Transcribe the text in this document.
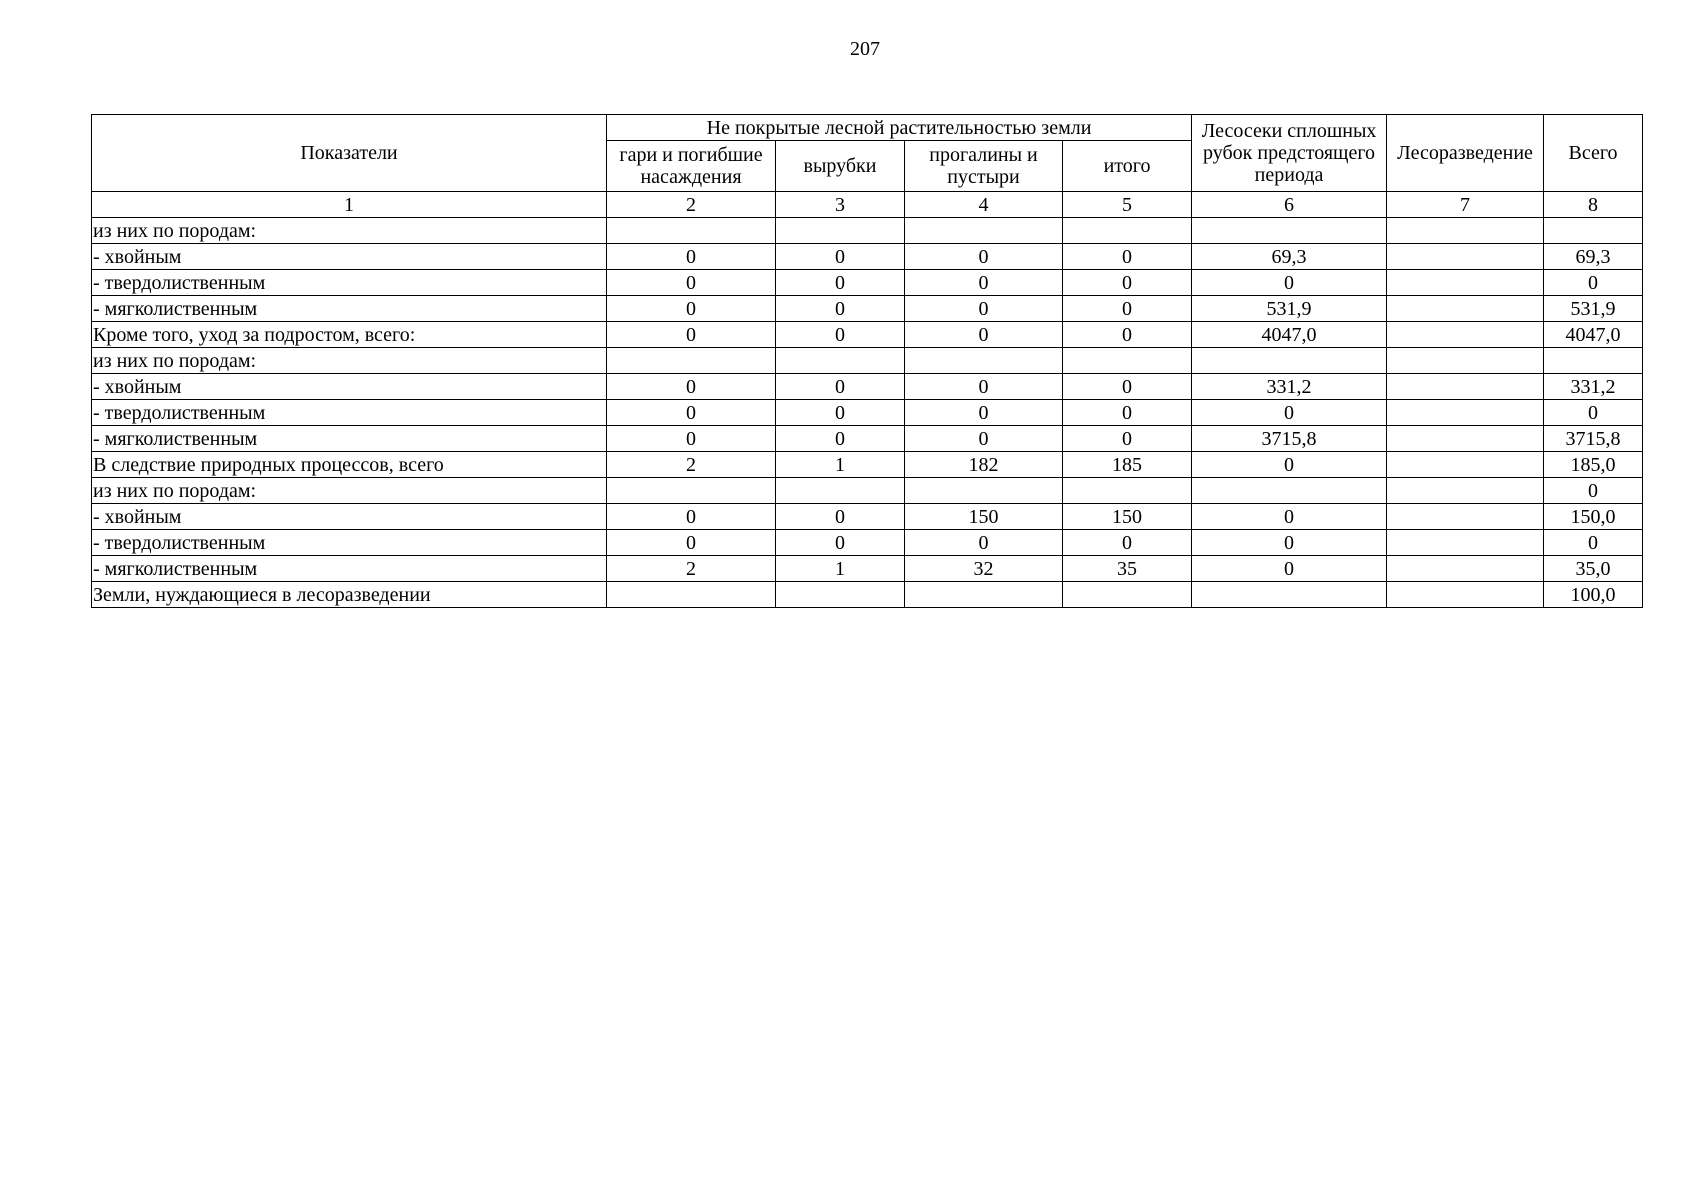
207
Показатели	Не покрытые лесной растительностью земли				Лесосеки сплошных рубок предстоящего периода	Лесоразведение	Всего
	гари и погибшие насаждения	вырубки	прогалины и пустыри	итого			
1	2	3	4	5	6	7	8
из них по породам:							
- хвойным	0	0	0	0	69,3		69,3
- твердолиственным	0	0	0	0	0		0
- мягколиственным	0	0	0	0	531,9		531,9
Кроме того, уход за подростом, всего:	0	0	0	0	4047,0		4047,0
из них по породам:							
- хвойным	0	0	0	0	331,2		331,2
- твердолиственным	0	0	0	0	0		0
- мягколиственным	0	0	0	0	3715,8		3715,8
В следствие природных процессов, всего	2	1	182	185	0		185,0
из них по породам:							0
- хвойным	0	0	150	150	0		150,0
- твердолиственным	0	0	0	0	0		0
- мягколиственным	2	1	32	35	0		35,0
Земли, нуждающиеся в лесоразведении							100,0
